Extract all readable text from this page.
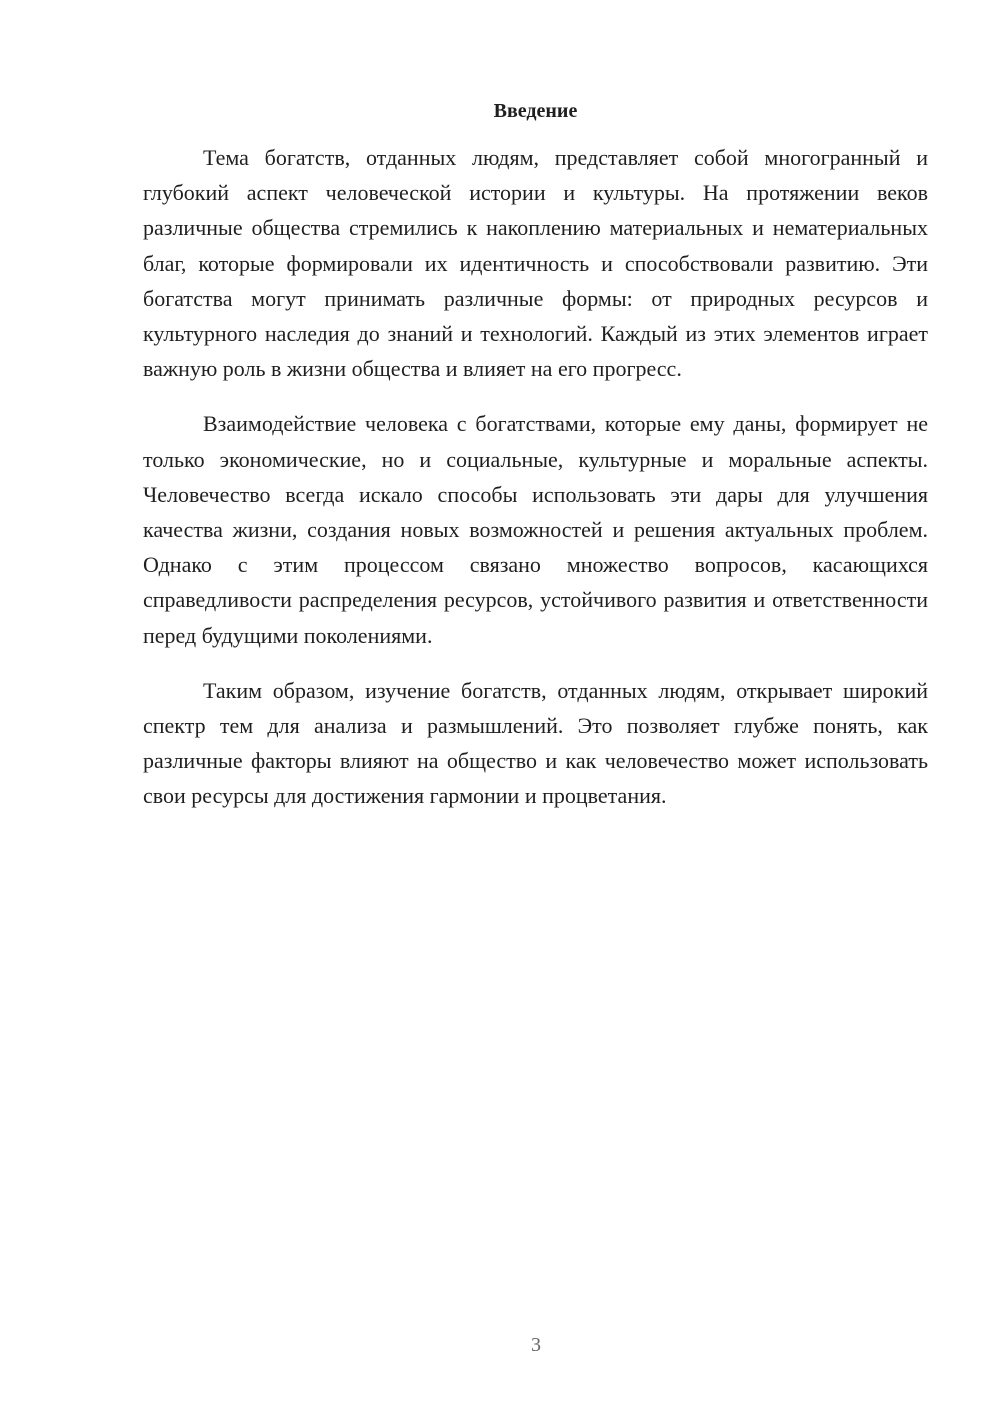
Введение

Тема богатств, отданных людям, представляет собой многогранный и глубокий аспект человеческой истории и культуры. На протяжении веков различные общества стремились к накоплению материальных и нематериальных благ, которые формировали их идентичность и способствовали развитию. Эти богатства могут принимать различные формы: от природных ресурсов и культурного наследия до знаний и технологий. Каждый из этих элементов играет важную роль в жизни общества и влияет на его прогресс.

Взаимодействие человека с богатствами, которые ему даны, формирует не только экономические, но и социальные, культурные и моральные аспекты. Человечество всегда искало способы использовать эти дары для улучшения качества жизни, создания новых возможностей и решения актуальных проблем. Однако с этим процессом связано множество вопросов, касающихся справедливости распределения ресурсов, устойчивого развития и ответственности перед будущими поколениями.

Таким образом, изучение богатств, отданных людям, открывает широкий спектр тем для анализа и размышлений. Это позволяет глубже понять, как различные факторы влияют на общество и как человечество может использовать свои ресурсы для достижения гармонии и процветания.

3
